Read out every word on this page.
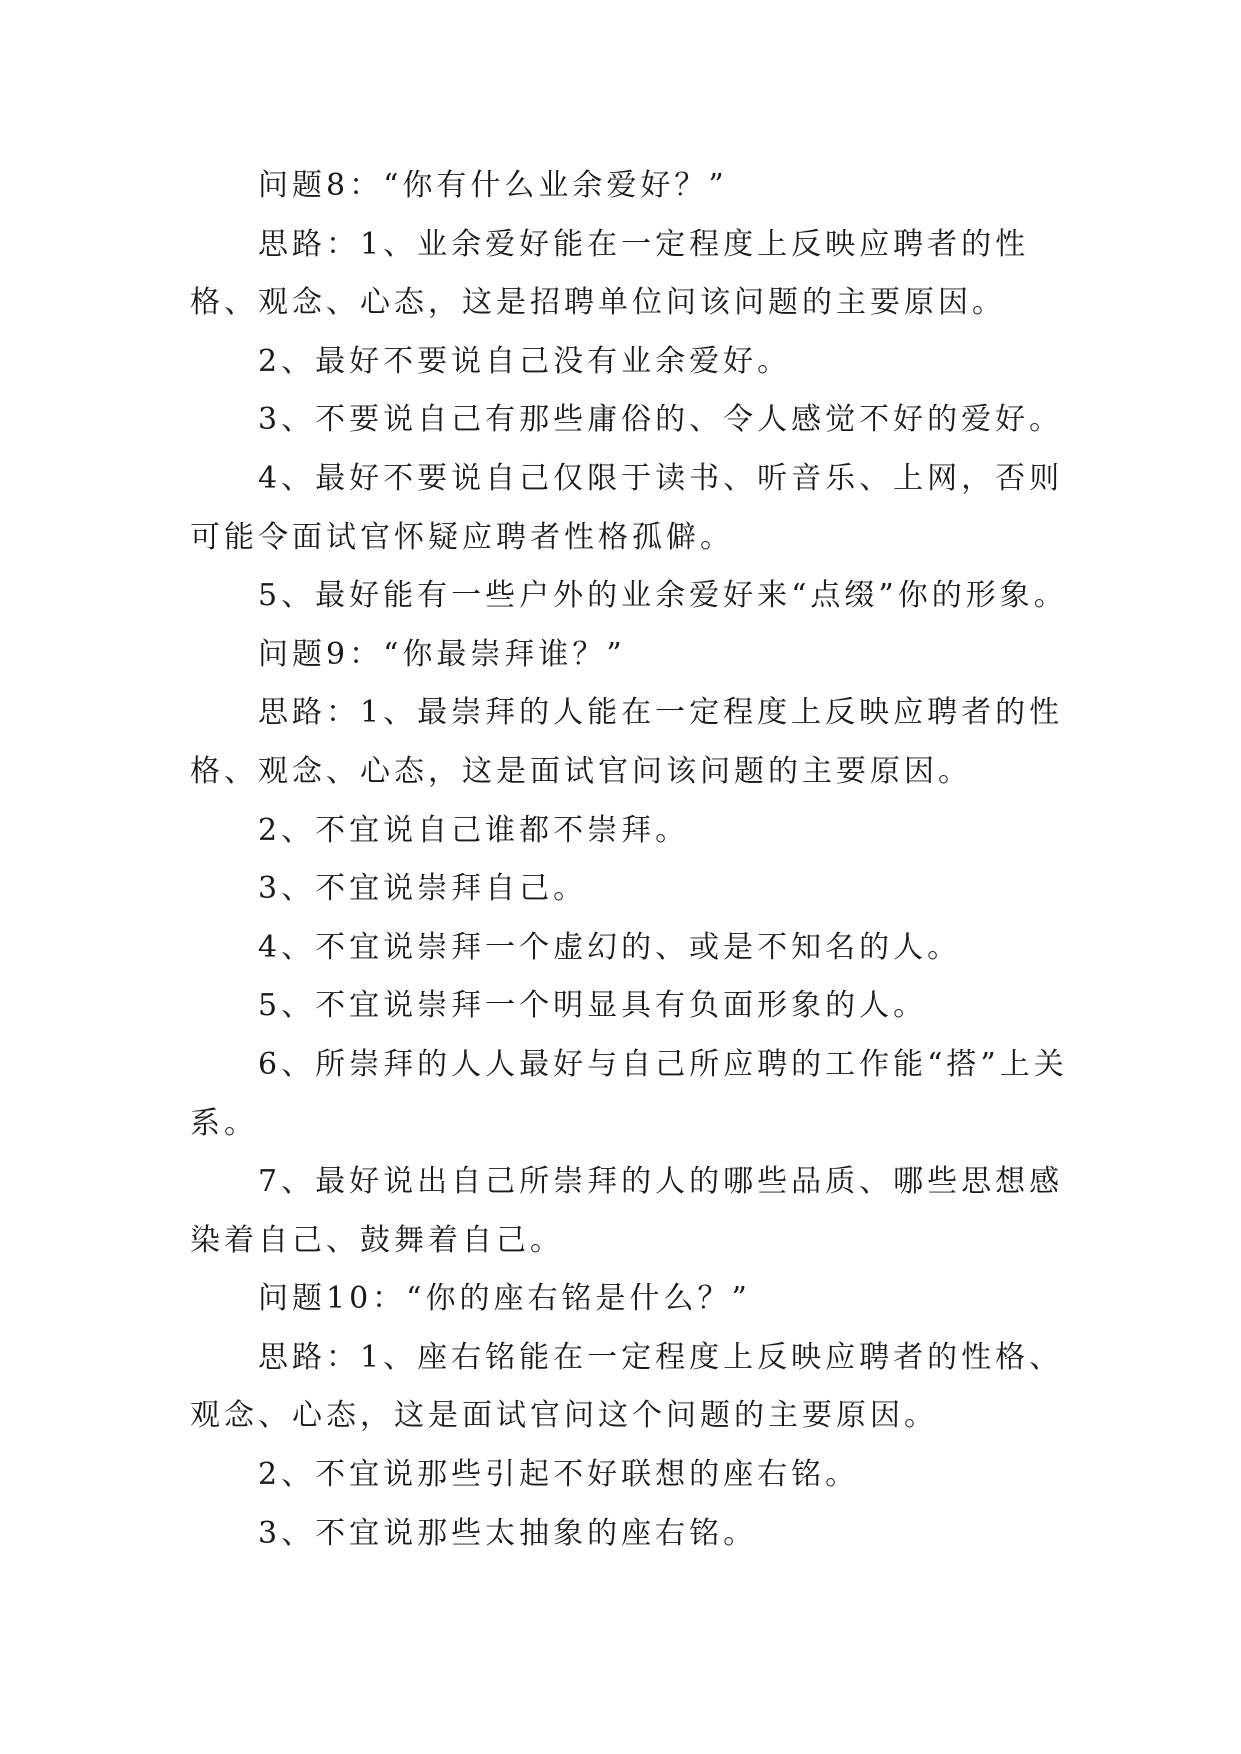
问题8：“你有什么业余爱好？”

思路：1、业余爱好能在一定程度上反映应聘者的性格、观念、心态，这是招聘单位问该问题的主要原因。

2、最好不要说自己没有业余爱好。

3、不要说自己有那些庸俗的、令人感觉不好的爱好。

4、最好不要说自己仅限于读书、听音乐、上网，否则可能令面试官怀疑应聘者性格孤僻。

5、最好能有一些户外的业余爱好来“点缀”你的形象。

问题9：“你最崇拜谁？”

思路：1、最崇拜的人能在一定程度上反映应聘者的性格、观念、心态，这是面试官问该问题的主要原因。

2、不宜说自己谁都不崇拜。

3、不宜说崇拜自己。

4、不宜说崇拜一个虚幻的、或是不知名的人。

5、不宜说崇拜一个明显具有负面形象的人。

6、所崇拜的人人最好与自己所应聘的工作能“搭”上关系。

7、最好说出自己所崇拜的人的哪些品质、哪些思想感染着自己、鼓舞着自己。

问题10：“你的座右铭是什么？”

思路：1、座右铭能在一定程度上反映应聘者的性格、观念、心态，这是面试官问这个问题的主要原因。

2、不宜说那些引起不好联想的座右铭。

3、不宜说那些太抽象的座右铭。
